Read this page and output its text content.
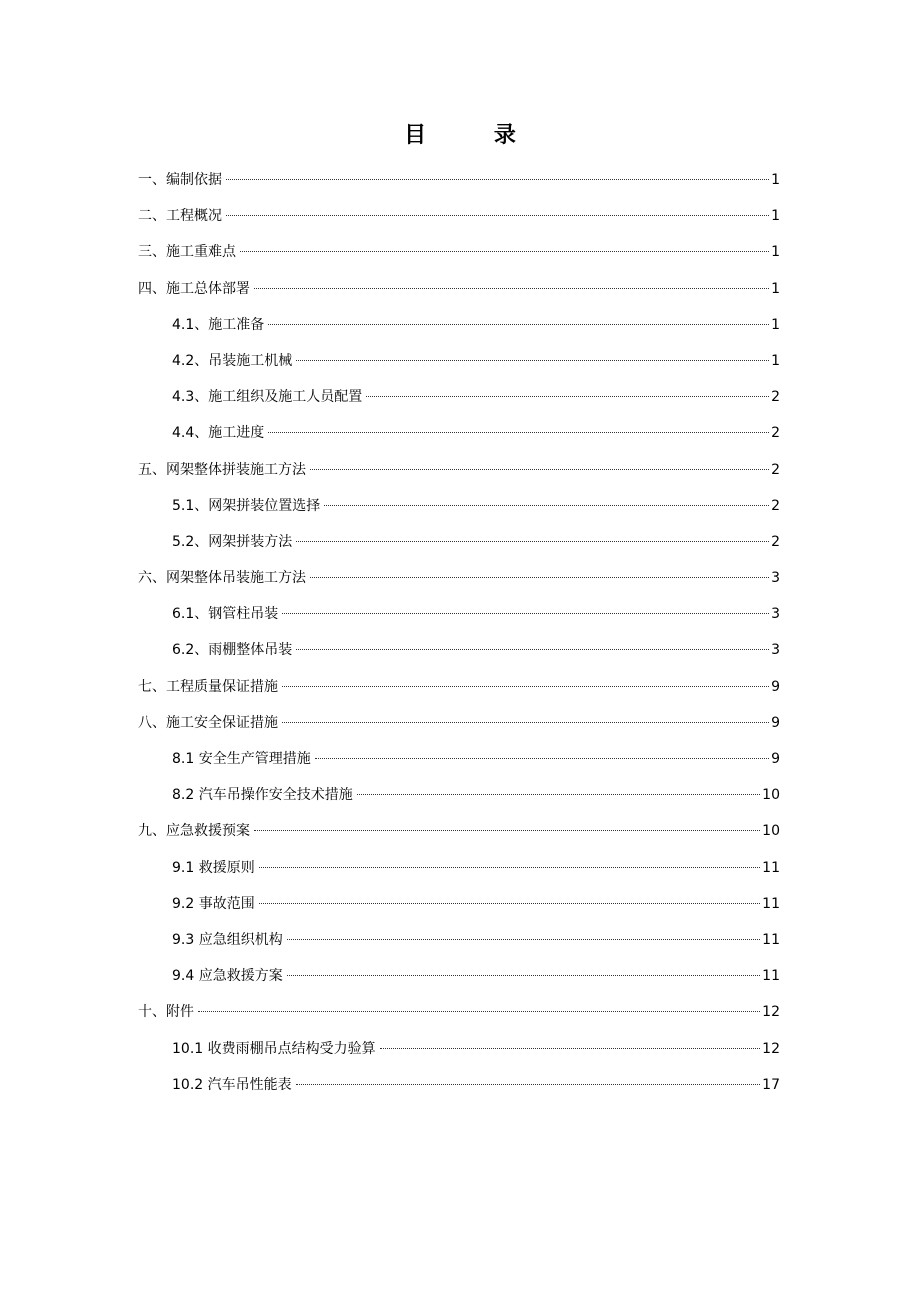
目 录
一、编制依据	1
二、工程概况	1
三、施工重难点	1
四、施工总体部署	1
4.1、施工准备	1
4.2、吊装施工机械	1
4.3、施工组织及施工人员配置	2
4.4、施工进度	2
五、网架整体拼装施工方法	2
5.1、网架拼装位置选择	2
5.2、网架拼装方法	2
六、网架整体吊装施工方法	3
6.1、钢管柱吊装	3
6.2、雨棚整体吊装	3
七、工程质量保证措施	9
八、施工安全保证措施	9
8.1 安全生产管理措施	9
8.2 汽车吊操作安全技术措施	10
九、应急救援预案	10
9.1 救援原则	11
9.2 事故范围	11
9.3 应急组织机构	11
9.4 应急救援方案	11
十、附件	12
10.1 收费雨棚吊点结构受力验算	12
10.2 汽车吊性能表	17
